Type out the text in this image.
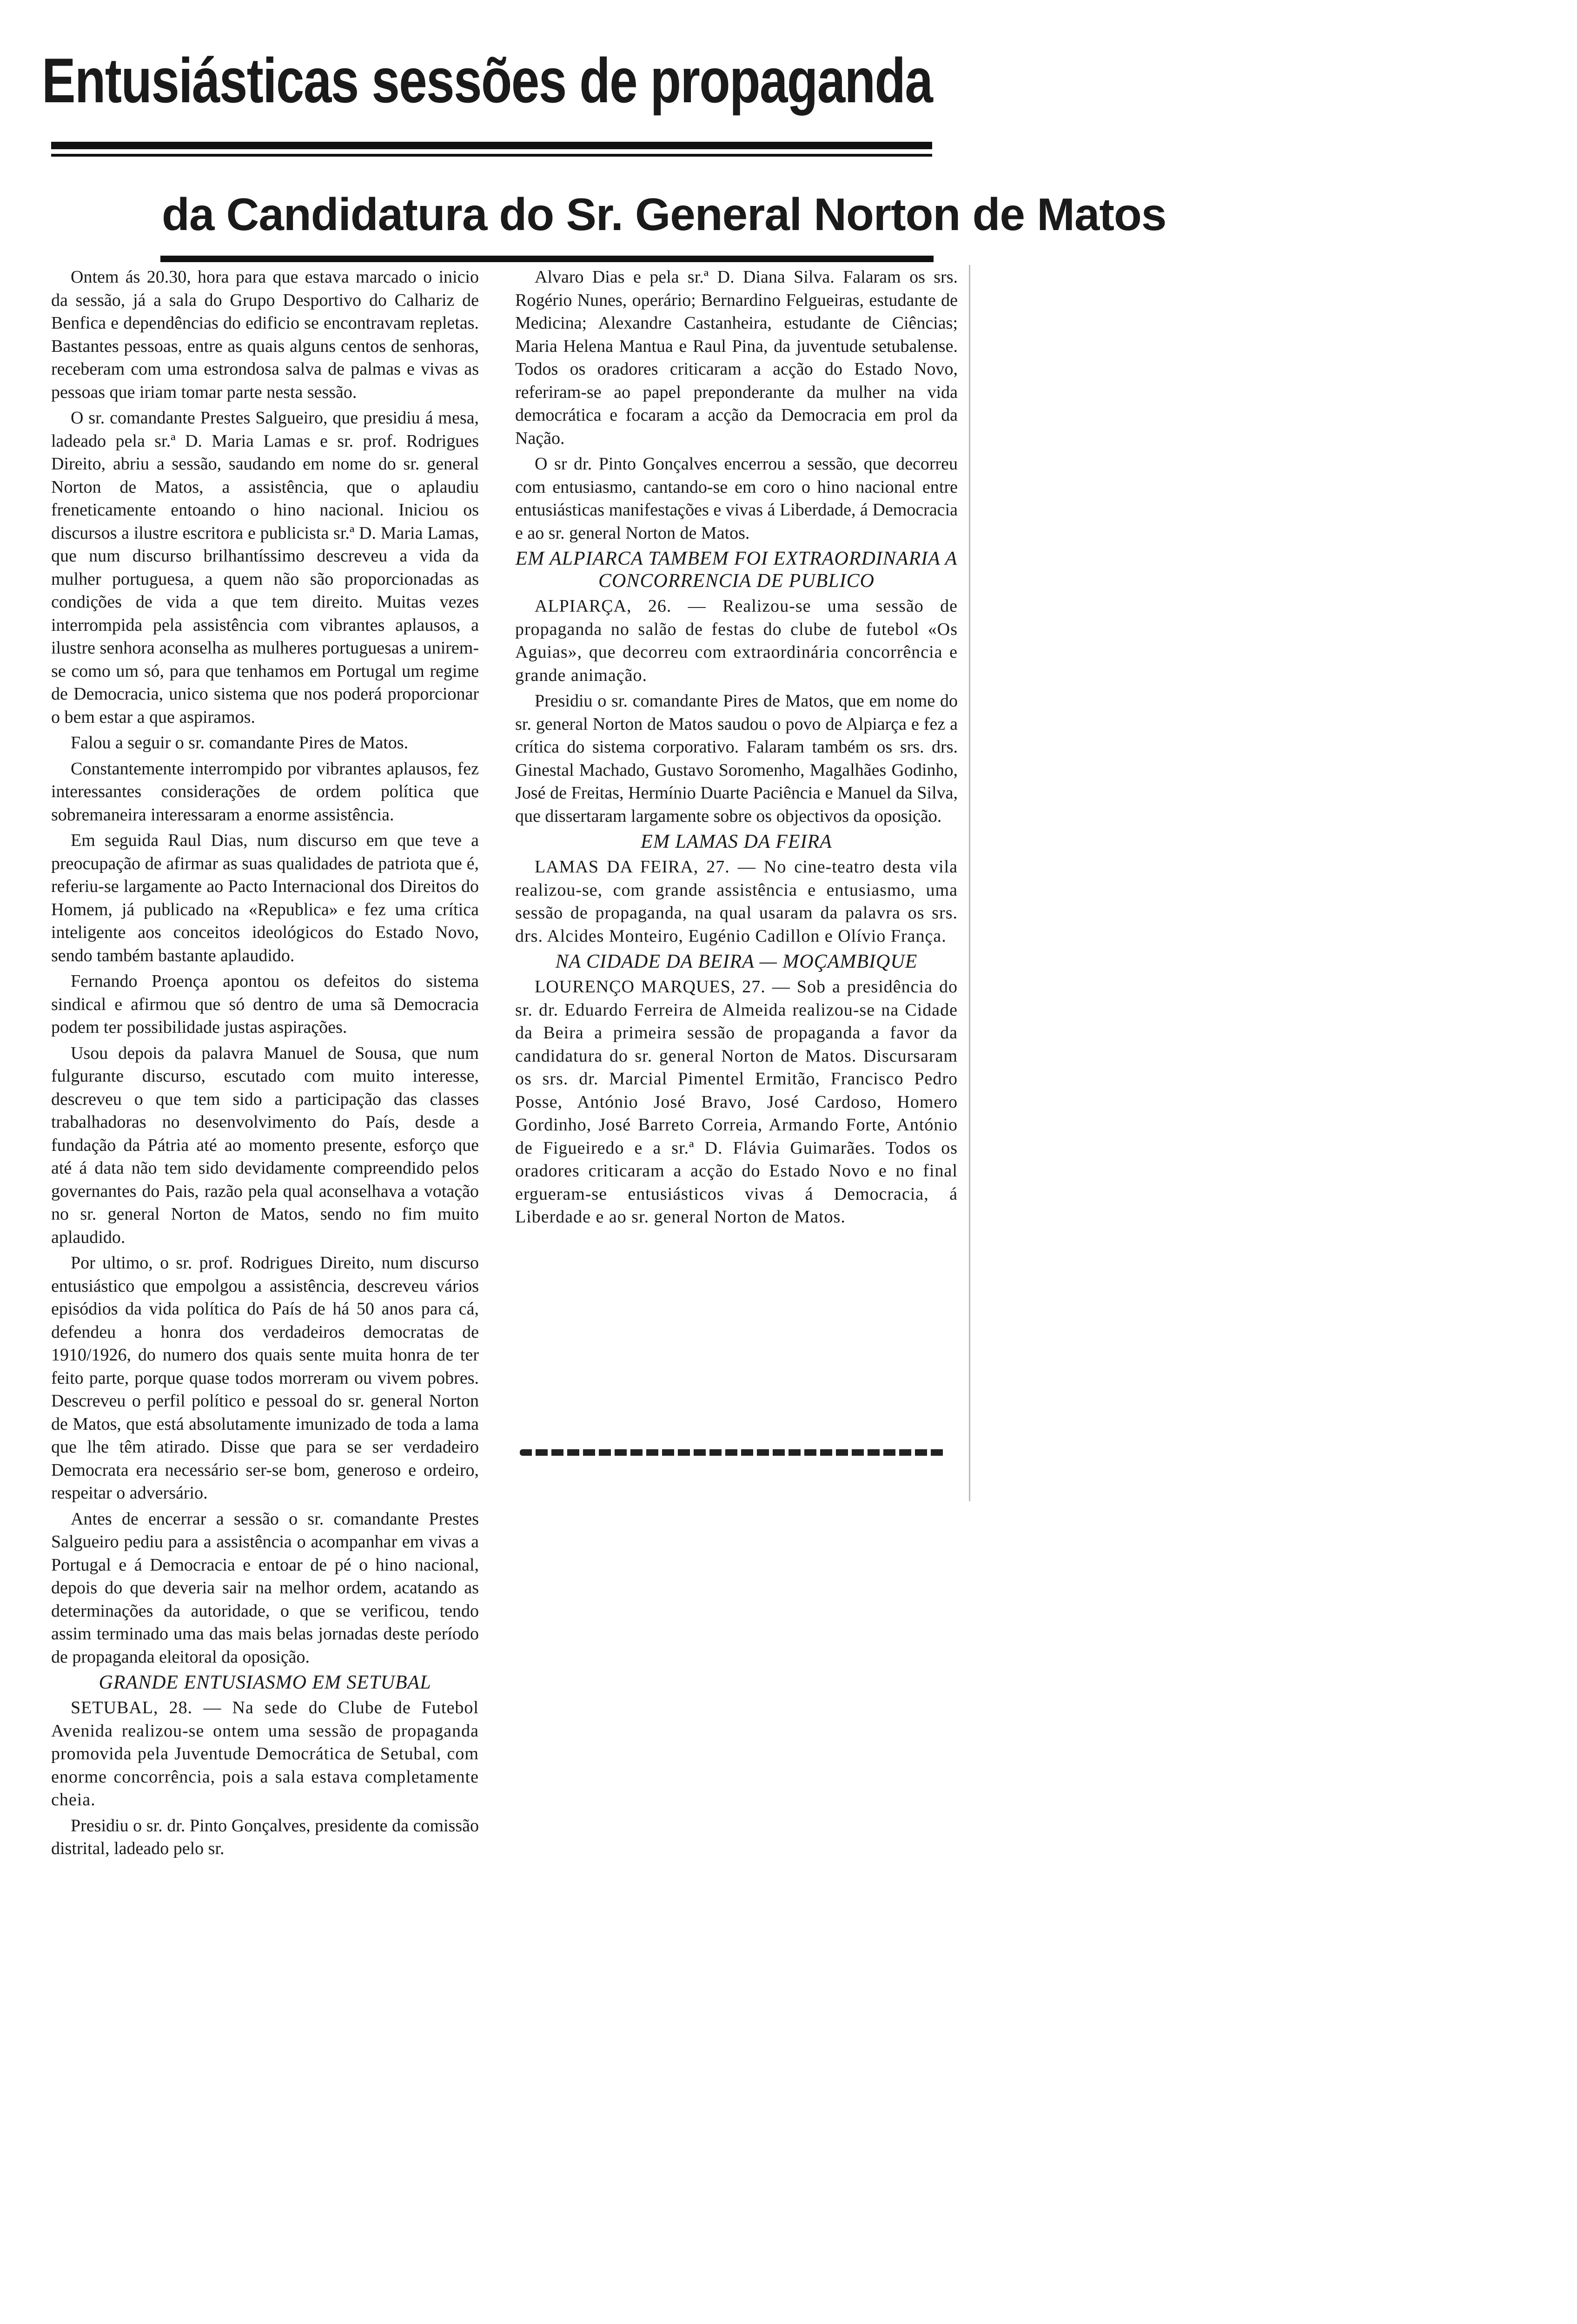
Entusiásticas sessões de propaganda
da Candidatura do Sr. General Norton de Matos

Ontem ás 20.30, hora para que estava marcado o inicio da sessão, já a sala do Grupo Desportivo do Calhariz de Benfica e dependências do edificio se encontravam repletas. Bastantes pessoas, entre as quais alguns centos de senhoras, receberam com uma estrondosa salva de palmas e vivas as pessoas que iriam tomar parte nesta sessão.

O sr. comandante Prestes Salgueiro, que presidiu á mesa, ladeado pela sr.ª D. Maria Lamas e sr. prof. Rodrigues Direito, abriu a sessão, saudando em nome do sr. general Norton de Matos, a assistência, que o aplaudiu freneticamente entoando o hino nacional. Iniciou os discursos a ilustre escritora e publicista sr.ª D. Maria Lamas, que num discurso brilhantíssimo descreveu a vida da mulher portuguesa, a quem não são proporcionadas as condições de vida a que tem direito. Muitas vezes interrompida pela assistência com vibrantes aplausos, a ilustre senhora aconselha as mulheres portuguesas a unirem-se como um só, para que tenhamos em Portugal um regime de Democracia, unico sistema que nos poderá proporcionar o bem estar a que aspiramos.

Falou a seguir o sr. comandante Pires de Matos.

Constantemente interrompido por vibrantes aplausos, fez interessantes considerações de ordem política que sobremaneira interessaram a enorme assistência.

Em seguida Raul Dias, num discurso em que teve a preocupação de afirmar as suas qualidades de patriota que é, referiu-se largamente ao Pacto Internacional dos Direitos do Homem, já publicado na «Republica» e fez uma crítica inteligente aos conceitos ideológicos do Estado Novo, sendo também bastante aplaudido.

Fernando Proença apontou os defeitos do sistema sindical e afirmou que só dentro de uma sã Democracia podem ter possibilidade justas aspirações.

Usou depois da palavra Manuel de Sousa, que num fulgurante discurso, escutado com muito interesse, descreveu o que tem sido a participação das classes trabalhadoras no desenvolvimento do País, desde a fundação da Pátria até ao momento presente, esforço que até á data não tem sido devidamente compreendido pelos governantes do Pais, razão pela qual aconselhava a votação no sr. general Norton de Matos, sendo no fim muito aplaudido.

Por ultimo, o sr. prof. Rodrigues Direito, num discurso entusiástico que empolgou a assistência, descreveu vários episódios da vida política do País de há 50 anos para cá, defendeu a honra dos verdadeiros democratas de 1910/1926, do numero dos quais sente muita honra de ter feito parte, porque quase todos morreram ou vivem pobres. Descreveu o perfil político e pessoal do sr. general Norton de Matos, que está absolutamente imunizado de toda a lama que lhe têm atirado. Disse que para se ser verdadeiro Democrata era necessário ser-se bom, generoso e ordeiro, respeitar o adversário.

Antes de encerrar a sessão o sr. comandante Prestes Salgueiro pediu para a assistência o acompanhar em vivas a Portugal e á Democracia e entoar de pé o hino nacional, depois do que deveria sair na melhor ordem, acatando as determinações da autoridade, o que se verificou, tendo assim terminado uma das mais belas jornadas deste período de propaganda eleitoral da oposição.

GRANDE ENTUSIASMO EM SETUBAL

SETUBAL, 28. — Na sede do Clube de Futebol Avenida realizou-se ontem uma sessão de propaganda promovida pela Juventude Democrática de Setubal, com enorme concorrência, pois a sala estava completamente cheia.

Presidiu o sr. dr. Pinto Gonçalves, presidente da comissão distrital, ladeado pelo sr.

Alvaro Dias e pela sr.ª D. Diana Silva. Falaram os srs. Rogério Nunes, operário; Bernardino Felgueiras, estudante de Medicina; Alexandre Castanheira, estudante de Ciências; Maria Helena Mantua e Raul Pina, da juventude setubalense. Todos os oradores criticaram a acção do Estado Novo, referiram-se ao papel preponderante da mulher na vida democrática e focaram a acção da Democracia em prol da Nação.

O sr dr. Pinto Gonçalves encerrou a sessão, que decorreu com entusiasmo, cantando-se em coro o hino nacional entre entusiásticas manifestações e vivas á Liberdade, á Democracia e ao sr. general Norton de Matos.

EM ALPIARCA TAMBEM FOI EXTRAORDINARIA A CONCORRENCIA DE PUBLICO

ALPIARÇA, 26. — Realizou-se uma sessão de propaganda no salão de festas do clube de futebol «Os Aguias», que decorreu com extraordinária concorrência e grande animação.

Presidiu o sr. comandante Pires de Matos, que em nome do sr. general Norton de Matos saudou o povo de Alpiarça e fez a crítica do sistema corporativo. Falaram também os srs. drs. Ginestal Machado, Gustavo Soromenho, Magalhães Godinho, José de Freitas, Hermínio Duarte Paciência e Manuel da Silva, que dissertaram largamente sobre os objectivos da oposição.

EM LAMAS DA FEIRA

LAMAS DA FEIRA, 27. — No cine-teatro desta vila realizou-se, com grande assistência e entusiasmo, uma sessão de propaganda, na qual usaram da palavra os srs. drs. Alcides Monteiro, Eugénio Cadillon e Olívio França.

NA CIDADE DA BEIRA — MOÇAMBIQUE

LOURENÇO MARQUES, 27. — Sob a presidência do sr. dr. Eduardo Ferreira de Almeida realizou-se na Cidade da Beira a primeira sessão de propaganda a favor da candidatura do sr. general Norton de Matos. Discursaram os srs. dr. Marcial Pimentel Ermitão, Francisco Pedro Posse, António José Bravo, José Cardoso, Homero Gordinho, José Barreto Correia, Armando Forte, António de Figueiredo e a sr.ª D. Flávia Guimarães. Todos os oradores criticaram a acção do Estado Novo e no final ergueram-se entusiásticos vivas á Democracia, á Liberdade e ao sr. general Norton de Matos.
